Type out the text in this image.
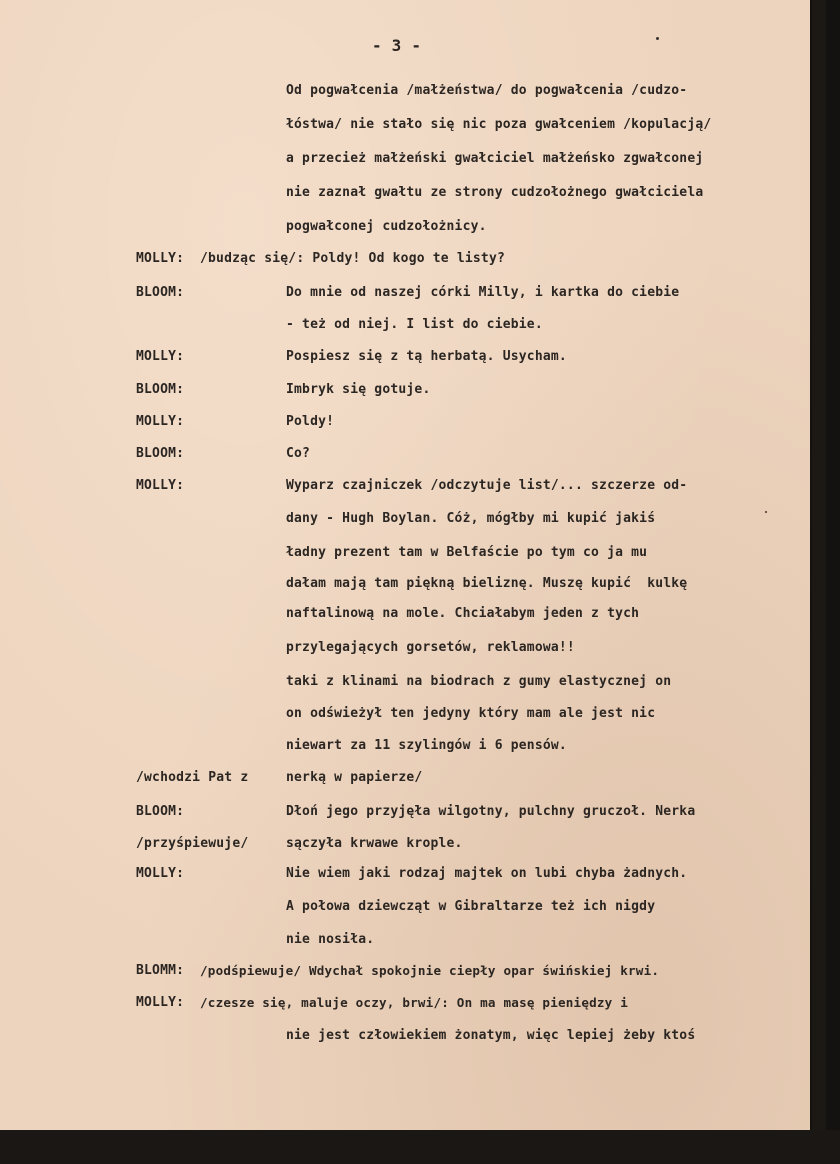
- 3 -
Od pogwałcenia /małżeństwa/ do pogwałcenia /cudzo-
łóstwa/ nie stało się nic poza gwałceniem /kopulacją/
a przecież małżeński gwałciciel małżeńsko zgwałconej
nie zaznał gwałtu ze strony cudzołożnego gwałciciela
pogwałconej cudzołożnicy.
MOLLY: /budząc się/: Poldy! Od kogo te listy?
BLOOM:	Do mnie od naszej córki Milly, i kartka do ciebie
- też od niej. I list do ciebie.
MOLLY:	Pospiesz się z tą herbatą. Usycham.
BLOOM:	Imbryk się gotuje.
MOLLY:	Poldy!
BLOOM:	Co?
MOLLY:	Wyparz czajniczek /odczytuje list/... szczerze od-
dany - Hugh Boylan. Cóż, mógłby mi kupić jakiś
ładny prezent tam w Belfaście po tym co ja mu
dałam mają tam piękną bieliznę. Muszę kupić  kulkę
naftalinową na mole. Chciałabym jeden z tych
przylegających gorsetów, reklamowa!!
taki z klinami na biodrach z gumy elastycznej on
on odświeżył ten jedyny który mam ale jest nic
niewart za 11 szylingów i 6 pensów.
/wchodzi Pat z	nerką w papierze/
BLOOM:	Dłoń jego przyjęła wilgotny, pulchny gruczoł. Nerka
/przyśpiewuje/	sączyła krwawe krople.
MOLLY:	Nie wiem jaki rodzaj majtek on lubi chyba żadnych.
A połowa dziewcząt w Gibraltarze też ich nigdy
nie nosiła.
BLOMM: /podśpiewuje/ Wdychał spokojnie ciepły opar świńskiej krwi.
MOLLY: /czesze się, maluje oczy, brwi/: On ma masę pieniędzy i
nie jest człowiekiem żonatym, więc lepiej żeby ktoś
